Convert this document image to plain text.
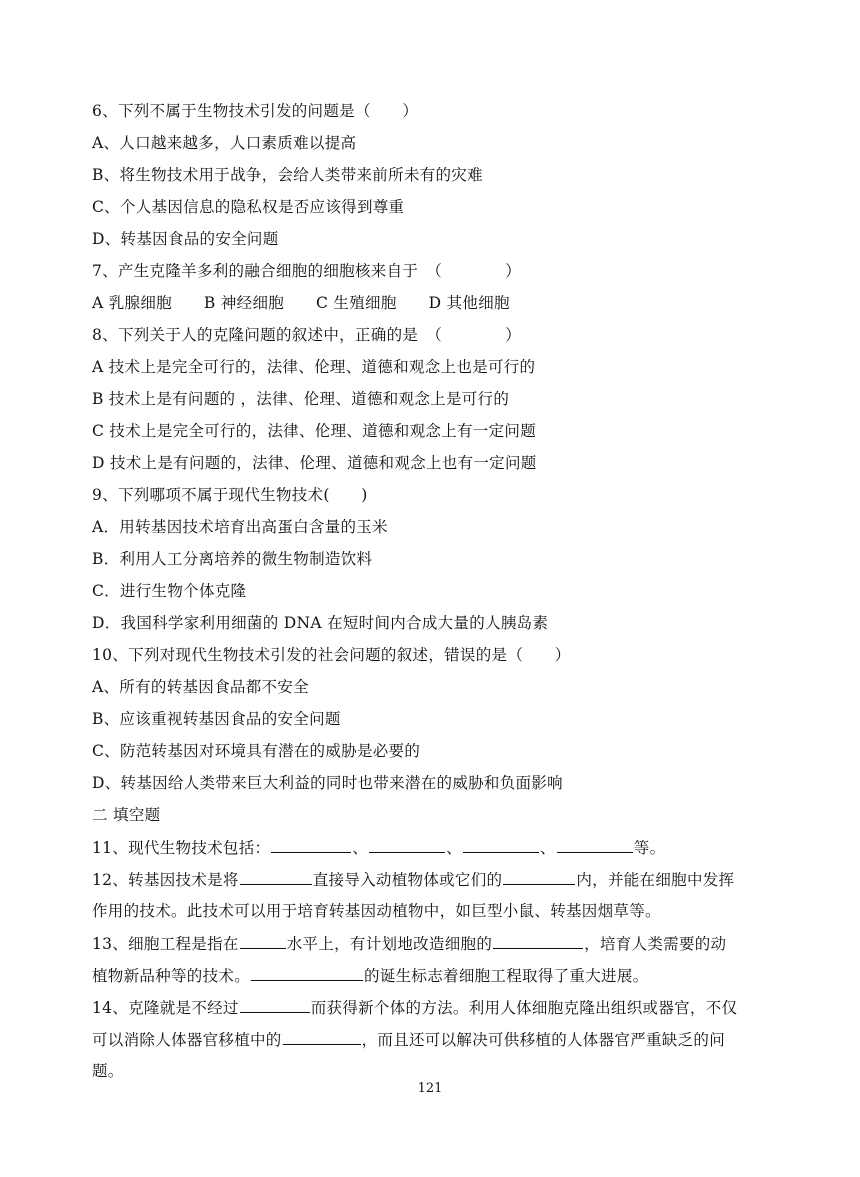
6、下列不属于生物技术引发的问题是（　　）
A、人口越来越多，人口素质难以提高
B、将生物技术用于战争，会给人类带来前所未有的灾难
C、个人基因信息的隐私权是否应该得到尊重
D、转基因食品的安全问题
7、产生克隆羊多利的融合细胞的细胞核来自于　（　　　　）
A 乳腺细胞 B 神经细胞 C 生殖细胞 D 其他细胞
8、下列关于人的克隆问题的叙述中，正确的是　（　　　　）
A 技术上是完全可行的，法律、伦理、道德和观念上也是可行的
B 技术上是有问题的 ，法律、伦理、道德和观念上是可行的
C 技术上是完全可行的，法律、伦理、道德和观念上有一定问题
D 技术上是有问题的，法律、伦理、道德和观念上也有一定问题
9、下列哪项不属于现代生物技术(　　)
A．用转基因技术培育出高蛋白含量的玉米
B．利用人工分离培养的微生物制造饮料
C．进行生物个体克隆
D．我国科学家利用细菌的 DNA 在短时间内合成大量的人胰岛素
10、下列对现代生物技术引发的社会问题的叙述，错误的是（　　）
A、所有的转基因食品都不安全
B、应该重视转基因食品的安全问题
C、防范转基因对环境具有潜在的威胁是必要的
D、转基因给人类带来巨大利益的同时也带来潜在的威胁和负面影响
二 填空题
11、现代生物技术包括：	、	、	、	等。
12、转基因技术是将	直接导入动植物体或它们的	内，并能在细胞中发挥
作用的技术。此技术可以用于培育转基因动植物中，如巨型小鼠、转基因烟草等。
13、细胞工程是指在	水平上，有计划地改造细胞的	，培育人类需要的动
植物新品种等的技术。	的诞生标志着细胞工程取得了重大进展。
14、克隆就是不经过	而获得新个体的方法。利用人体细胞克隆出组织或器官，不仅
可以消除人体器官移植中的	，而且还可以解决可供移植的人体器官严重缺乏的问
题。
121
